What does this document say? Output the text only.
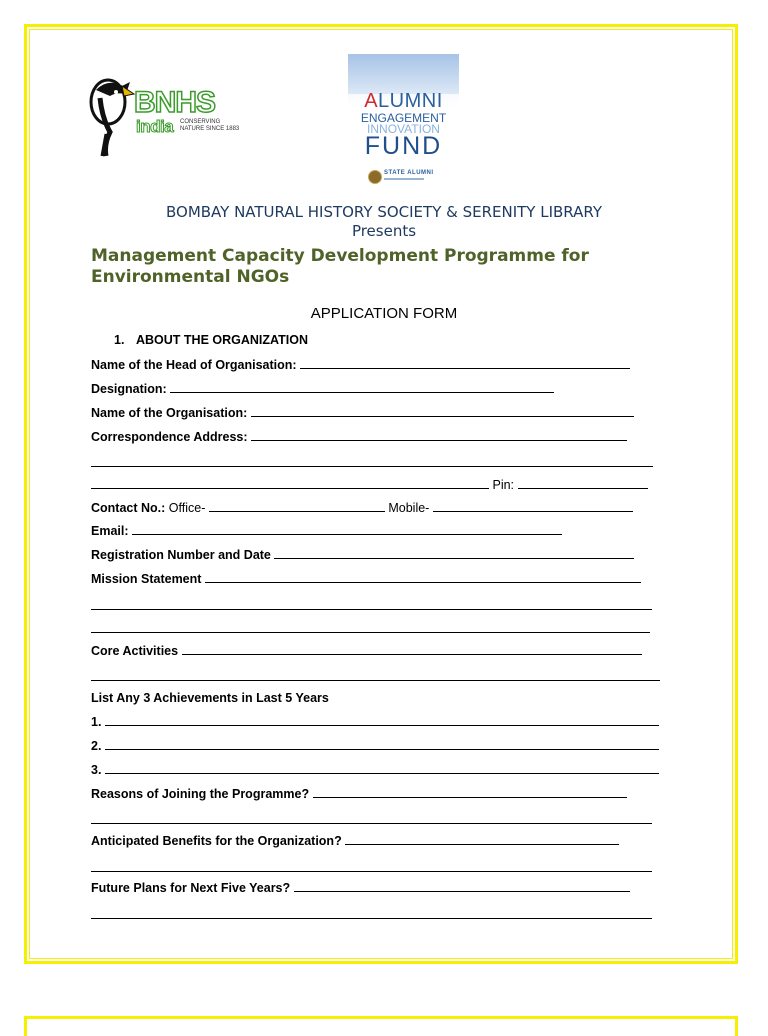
BNHS
india CONSERVING
NATURE SINCE 1883
ALUMNI
ENGAGEMENT
INNOVATION
FUND
STATE ALUMNI
BOMBAY NATURAL HISTORY SOCIETY & SERENITY LIBRARY
Presents
Management Capacity Development Programme for Environmental NGOs
APPLICATION FORM
1. ABOUT THE ORGANIZATION
Name of the Head of Organisation:
Designation:
Name of the Organisation:
Correspondence Address:
Pin:
Contact No.: Office-	Mobile-
Email:
Registration Number and Date
Mission Statement
Core Activities
List Any 3 Achievements in Last 5 Years
1.
2.
3.
Reasons of Joining the Programme?
Anticipated Benefits for the Organization?
Future Plans for Next Five Years?
